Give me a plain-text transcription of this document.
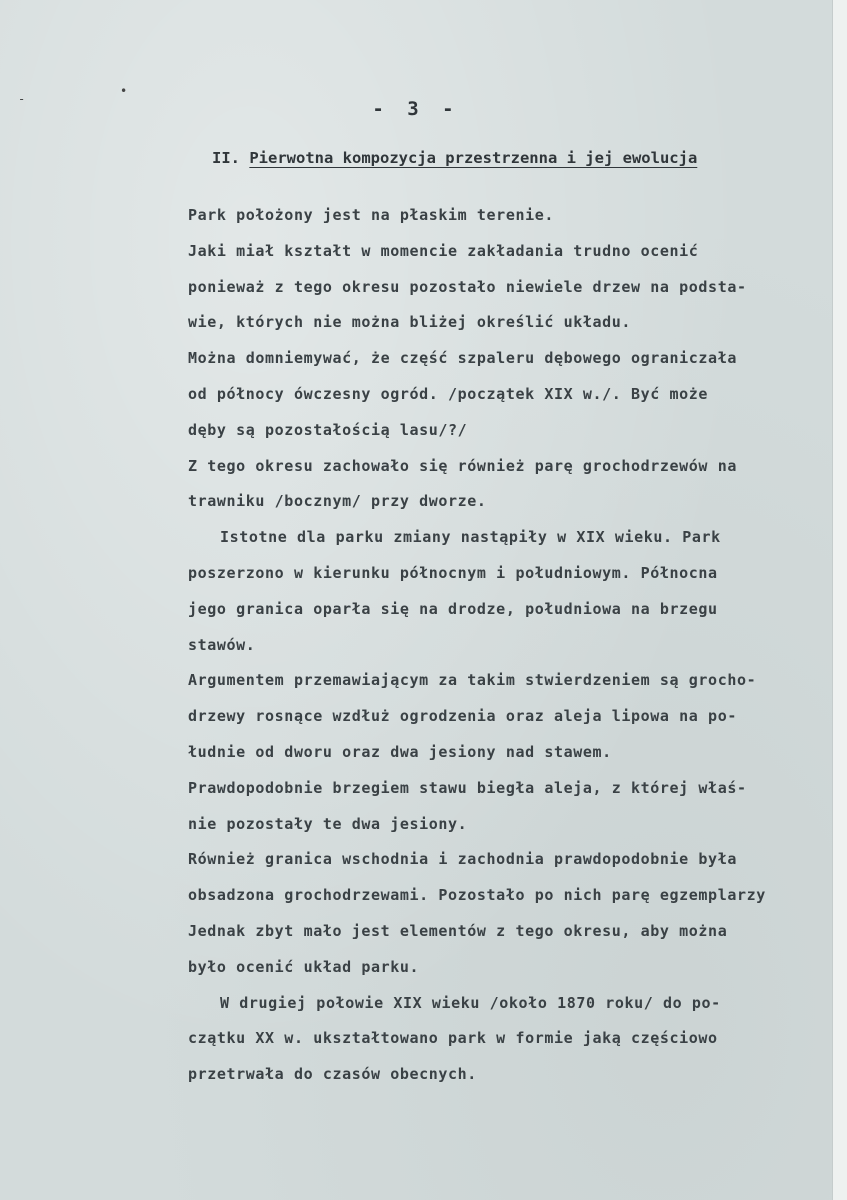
•
-	- 3 -
II. Pierwotna kompozycja przestrzenna i jej ewolucja
Park położony jest na płaskim terenie.
Jaki miał kształt w momencie zakładania trudno ocenić
ponieważ z tego okresu pozostało niewiele drzew na podsta-
wie, których nie można bliżej określić układu.
Można domniemywać, że część szpaleru dębowego ograniczała
od północy ówczesny ogród. /początek XIX w./. Być może
dęby są pozostałością lasu/?/
Z tego okresu zachowało się również parę grochodrzewów na
trawniku /bocznym/ przy dworze.
Istotne dla parku zmiany nastąpiły w XIX wieku. Park
poszerzono w kierunku północnym i południowym. Północna
jego granica oparła się na drodze, południowa na brzegu
stawów.
Argumentem przemawiającym za takim stwierdzeniem są grocho-
drzewy rosnące wzdłuż ogrodzenia oraz aleja lipowa na po-
łudnie od dworu oraz dwa jesiony nad stawem.
Prawdopodobnie brzegiem stawu biegła aleja, z której właś-
nie pozostały te dwa jesiony.
Również granica wschodnia i zachodnia prawdopodobnie była
obsadzona grochodrzewami. Pozostało po nich parę egzemplarzy
Jednak zbyt mało jest elementów z tego okresu, aby można
było ocenić układ parku.
W drugiej połowie XIX wieku /około 1870 roku/ do po-
czątku XX w. ukształtowano park w formie jaką częściowo
przetrwała do czasów obecnych.
